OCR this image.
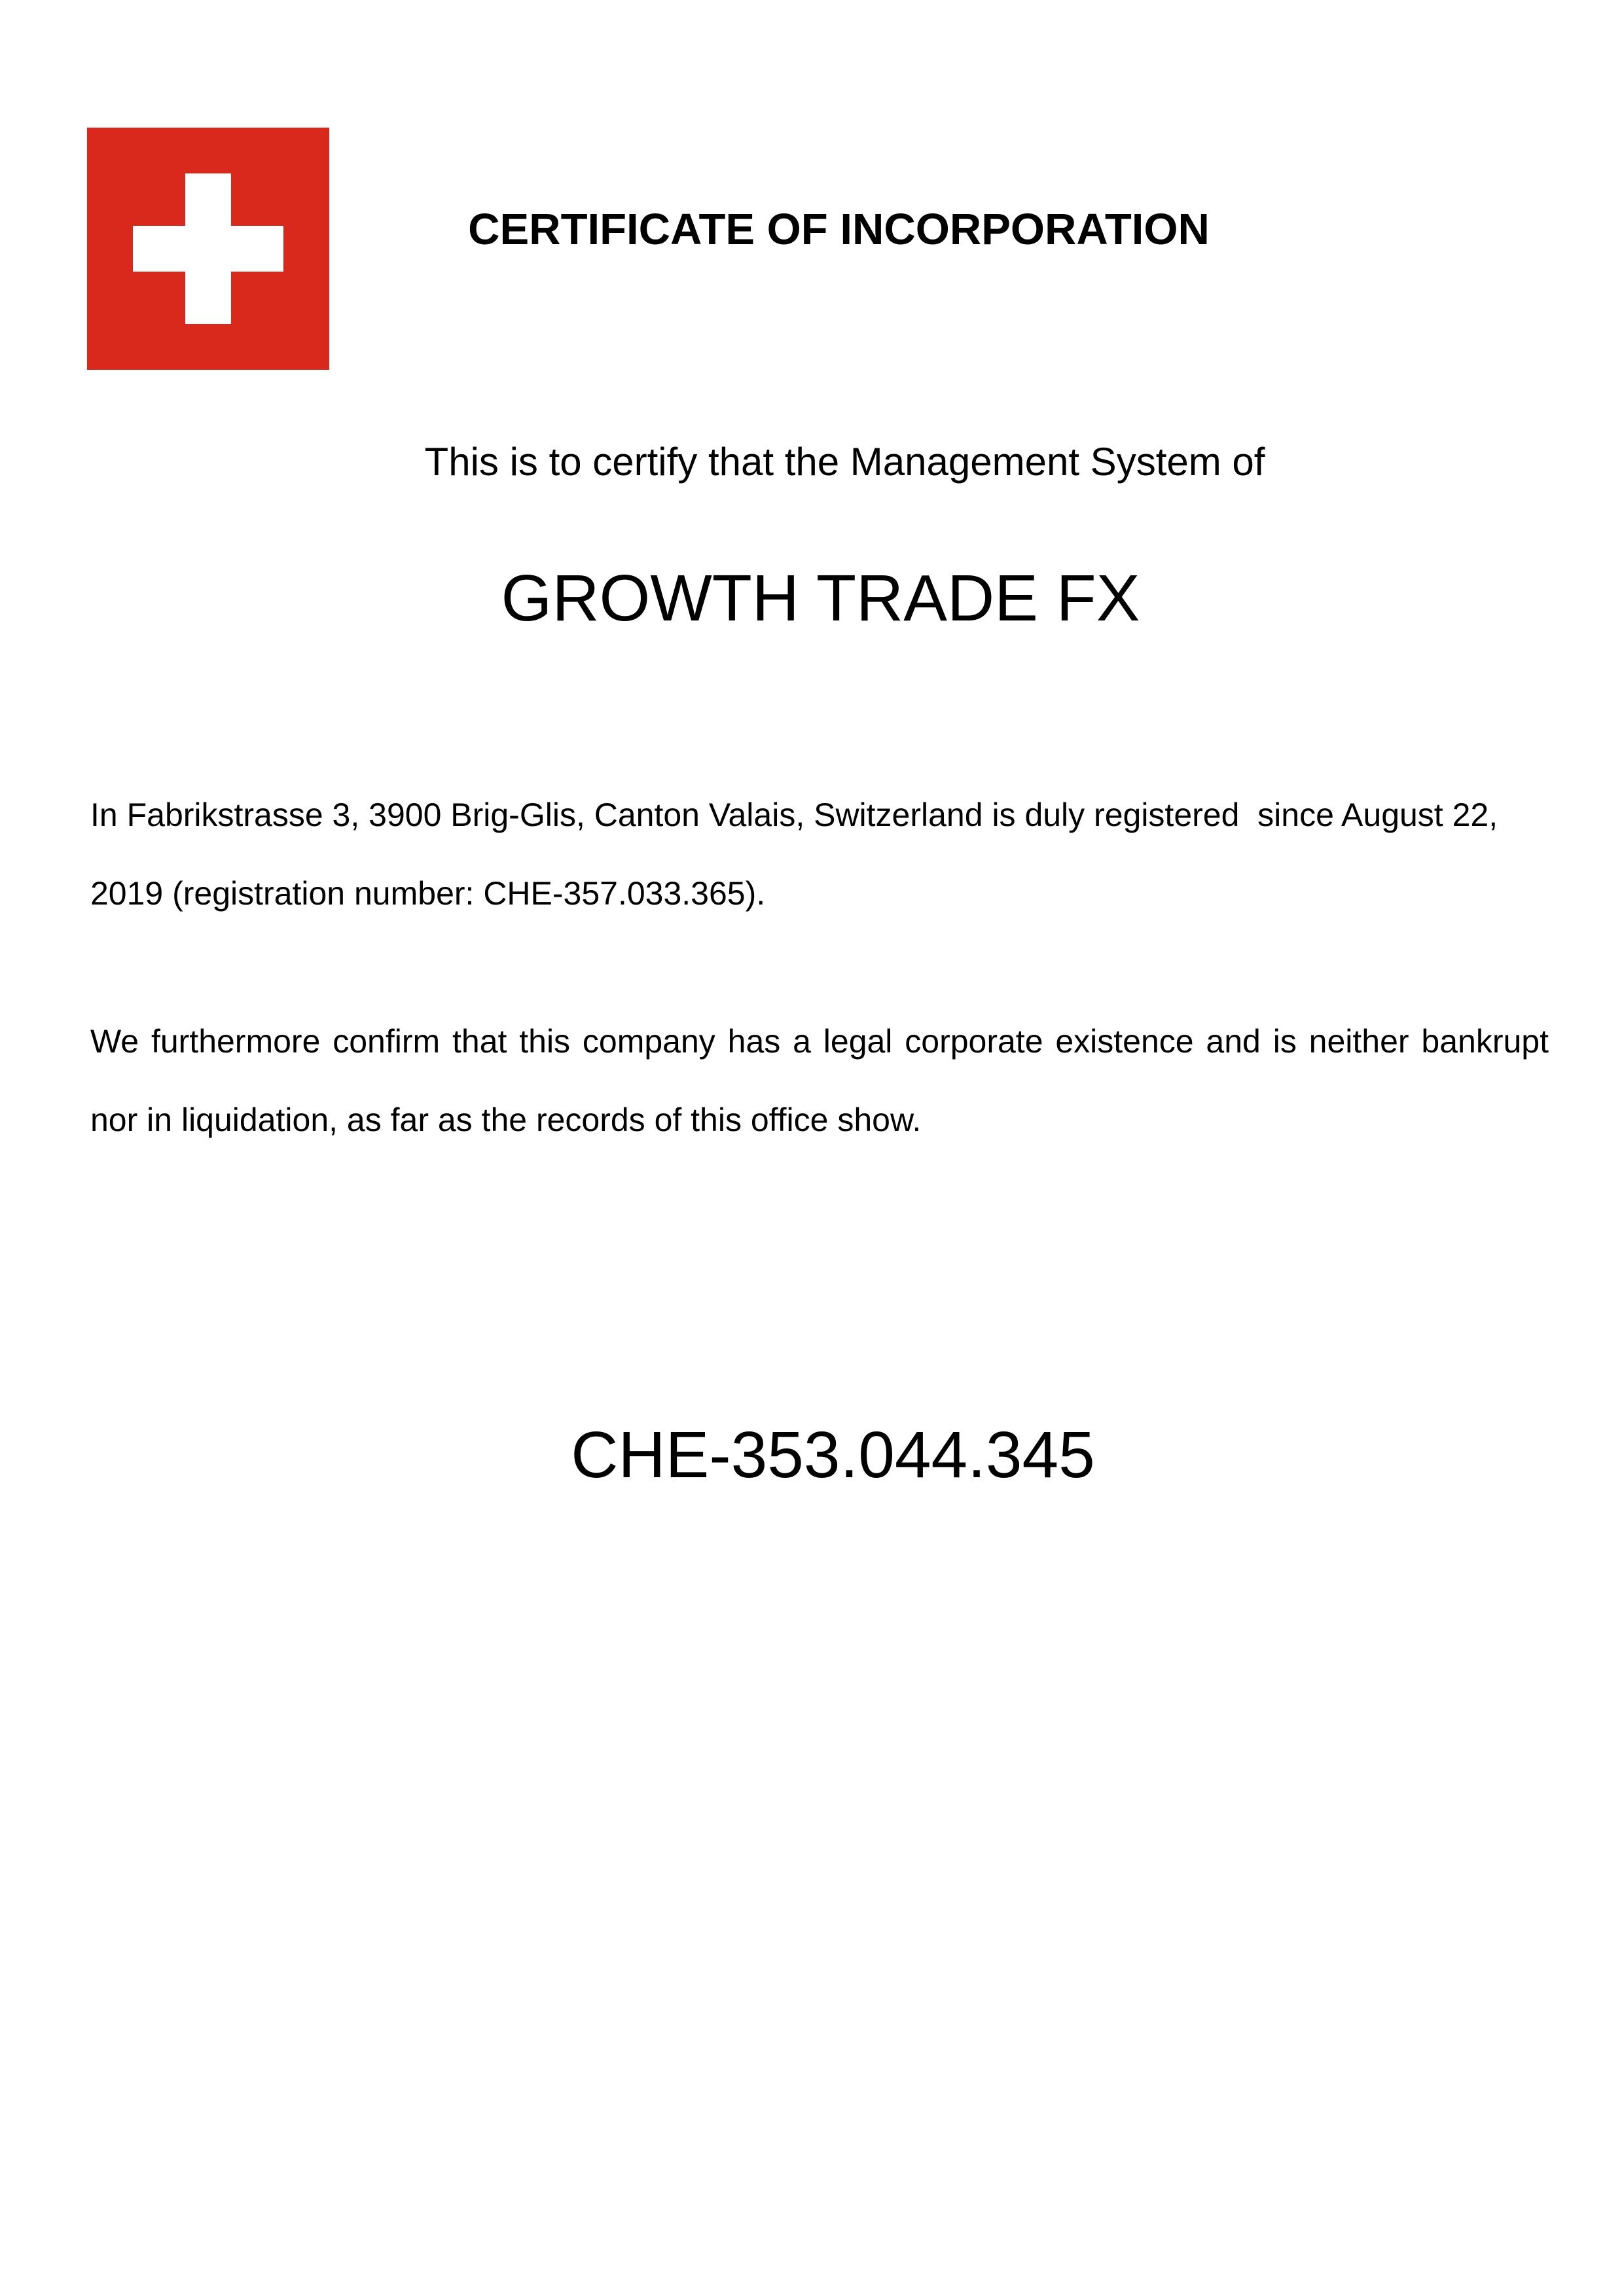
CERTIFICATE OF INCORPORATION
This is to certify that the Management System of
GROWTH TRADE FX
In Fabrikstrasse 3, 3900 Brig-Glis, Canton Valais, Switzerland is duly registered  since August 22,
2019 (registration number: CHE-357.033.365).
We furthermore confirm that this company has a legal corporate existence and is neither bankrupt
nor in liquidation, as far as the records of this office show.
CHE-353.044.345
